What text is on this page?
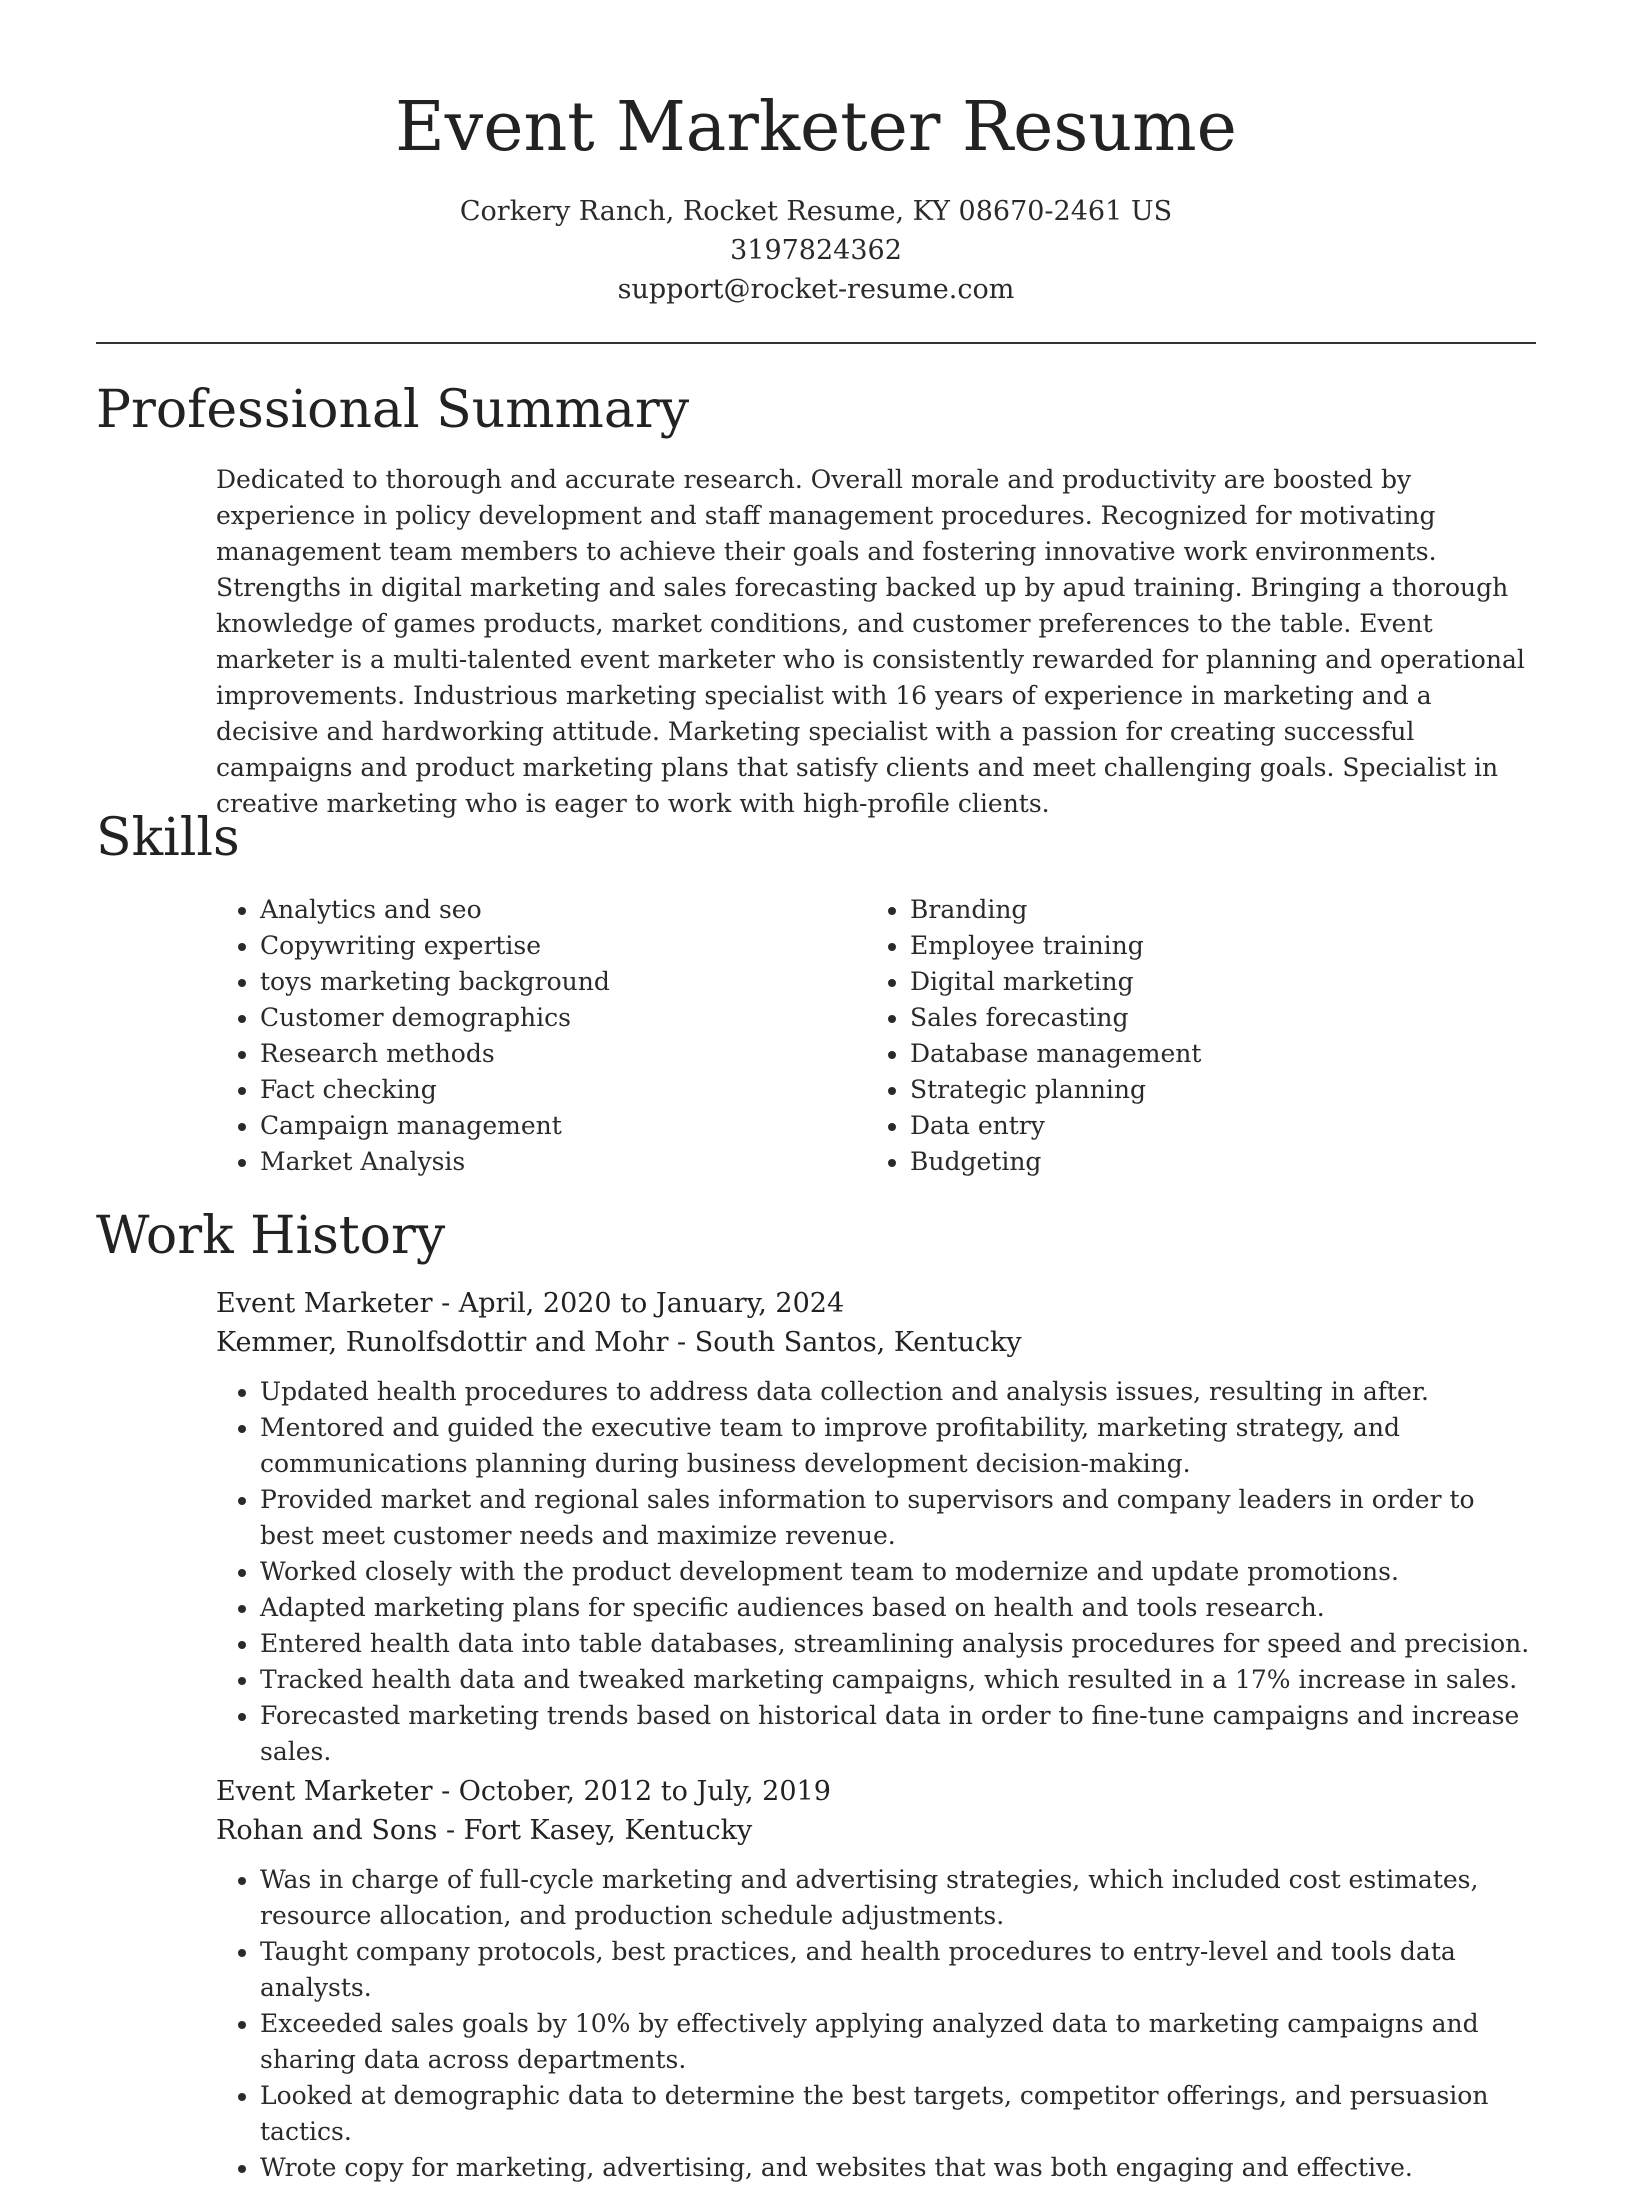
Event Marketer Resume
Corkery Ranch, Rocket Resume, KY 08670-2461 US
3197824362
support@rocket-resume.com
Professional Summary

Dedicated to thorough and accurate research. Overall morale and productivity are boosted by experience in policy development and staff management procedures. Recognized for motivating management team members to achieve their goals and fostering innovative work environments. Strengths in digital marketing and sales forecasting backed up by apud training. Bringing a thorough knowledge of games products, market conditions, and customer preferences to the table. Event marketer is a multi-talented event marketer who is consistently rewarded for planning and operational improvements. Industrious marketing specialist with 16 years of experience in marketing and a decisive and hardworking attitude. Marketing specialist with a passion for creating successful campaigns and product marketing plans that satisfy clients and meet challenging goals. Specialist in creative marketing who is eager to work with high-profile clients.

Skills
• Analytics and seo
• Copywriting expertise
• toys marketing background
• Customer demographics
• Research methods
• Fact checking
• Campaign management
• Market Analysis
• Branding
• Employee training
• Digital marketing
• Sales forecasting
• Database management
• Strategic planning
• Data entry
• Budgeting
Work History
Event Marketer - April, 2020 to January, 2024
Kemmer, Runolfsdottir and Mohr - South Santos, Kentucky
• Updated health procedures to address data collection and analysis issues, resulting in after.
• Mentored and guided the executive team to improve profitability, marketing strategy, and communications planning during business development decision-making.
• Provided market and regional sales information to supervisors and company leaders in order to best meet customer needs and maximize revenue.
• Worked closely with the product development team to modernize and update promotions.
• Adapted marketing plans for specific audiences based on health and tools research.
• Entered health data into table databases, streamlining analysis procedures for speed and precision.
• Tracked health data and tweaked marketing campaigns, which resulted in a 17% increase in sales.
• Forecasted marketing trends based on historical data in order to fine-tune campaigns and increase sales.
Event Marketer - October, 2012 to July, 2019
Rohan and Sons - Fort Kasey, Kentucky
• Was in charge of full-cycle marketing and advertising strategies, which included cost estimates, resource allocation, and production schedule adjustments.
• Taught company protocols, best practices, and health procedures to entry-level and tools data analysts.
• Exceeded sales goals by 10% by effectively applying analyzed data to marketing campaigns and sharing data across departments.
• Looked at demographic data to determine the best targets, competitor offerings, and persuasion tactics.
• Wrote copy for marketing, advertising, and websites that was both engaging and effective.
